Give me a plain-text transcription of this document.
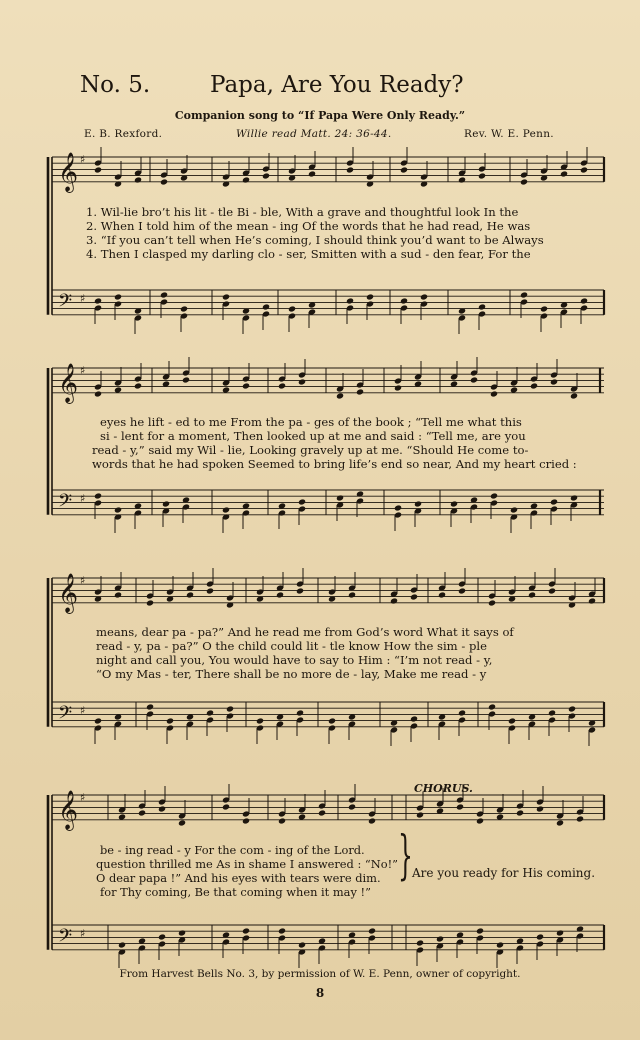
No. 5.	Papa, Are You Ready?
Companion song to “If Papa Were Only Ready.”
E. B. Rexford.	Willie read Matt. 24: 36-44.	Rev. W. E. Penn.
𝄞 ♯
𝄢 ♯
𝄞 ♯
𝄢 ♯
𝄞 ♯
𝄢 ♯
𝄞 ♯
𝄢 ♯
1. Wil-lie bro’t his lit - tle Bi - ble, With a grave and thoughtful look In the
2. When I told him of the mean - ing Of the words that he had read, He was
3. “If you can’t tell when He’s coming, I should think you’d want to be Always
4. Then I clasped my darling clo - ser, Smitten with a sud - den fear, For the
eyes he lift - ed to me From the pa - ges of the book ; “Tell me what this
si - lent for a moment, Then looked up at me and said : “Tell me, are you
read - y,” said my Wil - lie, Looking gravely up at me. “Should He come to-
words that he had spoken Seemed to bring life’s end so near, And my heart cried :
means, dear pa - pa?” And he read me from God’s word What it says of
read - y, pa - pa?” O the child could lit - tle know How the sim - ple
night and call you, You would have to say to Him : “I’m not read - y,
“O my Mas - ter, There shall be no more de - lay, Make me read - y
CHORUS.
be - ing read - y For the com - ing of the Lord.
question thrilled me As in shame I answered : “No!”
O dear papa !” And his eyes with tears were dim.
for Thy coming, Be that coming when it may !”
} Are you ready for His coming.
From Harvest Bells No. 3, by permission of W. E. Penn, owner of copyright.
8
